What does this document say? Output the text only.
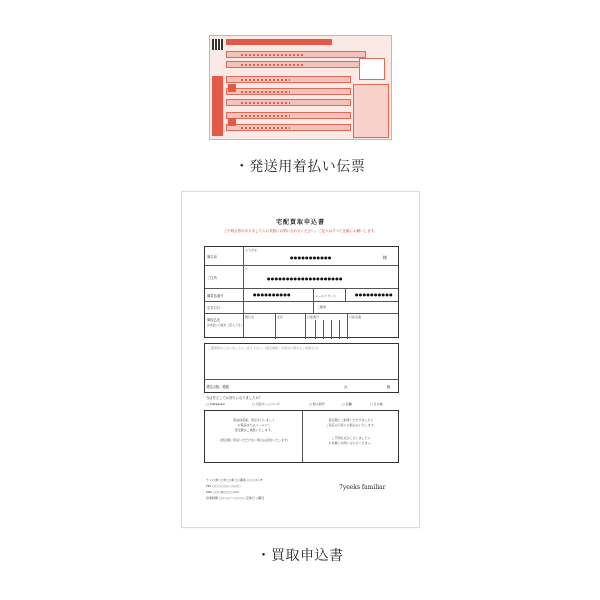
・発送用着払い伝票
宅配買取申込書
ご不明点等がありましたらお気軽にお問い合わせください。ご記入はすべて正確にお願いします。
御名前
ふりがな
●●●●●●●●●●●	様
ご住所
〒
●●●●●●●●●●●●●●●●●●●●
御電話番号	●●●●●●●●●●	メールアドレス	●●●●●●●●●●
生年月日	ご職業
御振込先
お支払い口座をご記入下さい
銀行名	支店	口座番号	口座名義
ご要望等がございましたらご記入下さい。(査定価格・お取引に関するご希望など)
発送点数／箱数	点	箱
当店をどこでお知りになりましたか？
□ Instagram	□ 当店ホームページ	□ 知人紹介	□ 店舗	□ その他
商品到着後、査定を行いまして
お電話またはメールにて
査定額をご連絡いたします。
(査定額に同意いただけない場合は返送いたします)
査定額にご納得いただけましたら
ご指定の口座にお振込みいたします。
ご不明な点がございましたら
お気軽にお問い合わせください。
〒 ○○県○○市○○町○○番地 ○○ビル○F
TEL ○○-○○○○-○○○○
Mail ○○○@○○○.com
営業時間 ○○:○○〜○○:○○ 定休日 ○曜日
7yeeks familiar
・買取申込書
